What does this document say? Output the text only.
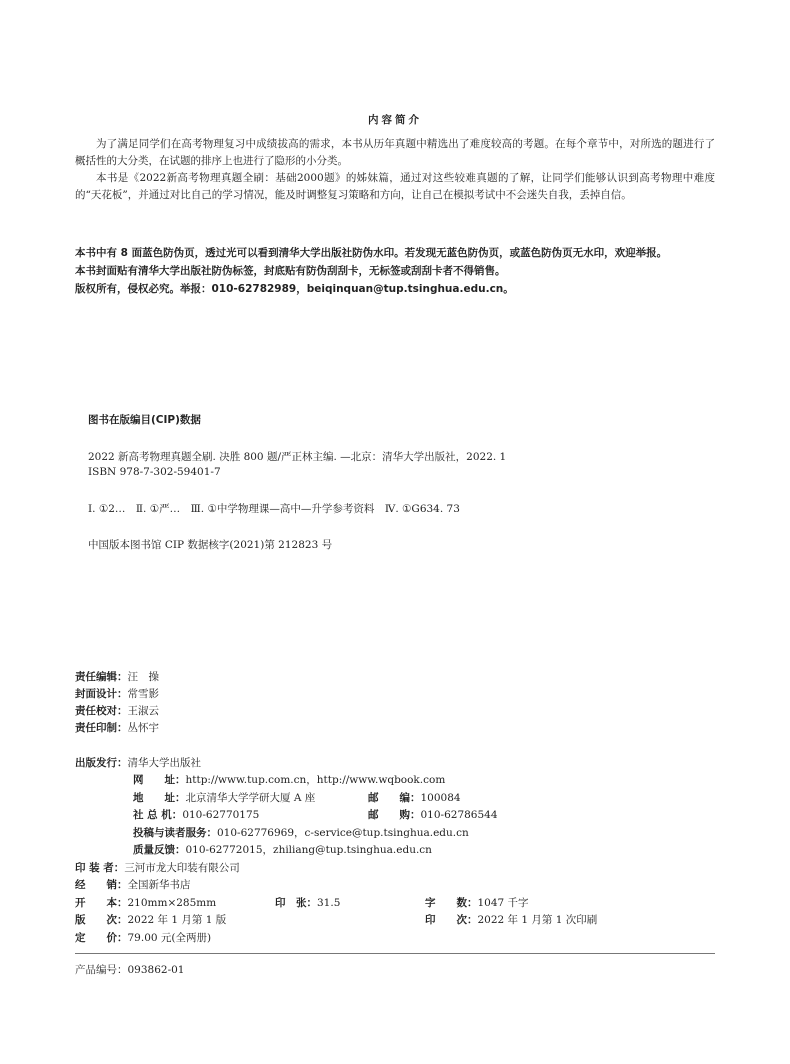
内容简介
为了满足同学们在高考物理复习中成绩拔高的需求，本书从历年真题中精选出了难度较高的考题。在每个章节中，对所选的题进行了概括性的大分类，在试题的排序上也进行了隐形的小分类。
本书是《2022新高考物理真题全刷：基础2000题》的姊妹篇，通过对这些较难真题的了解，让同学们能够认识到高考物理中难度的“天花板”，并通过对比自己的学习情况，能及时调整复习策略和方向，让自己在模拟考试中不会迷失自我，丢掉自信。
本书中有 8 面蓝色防伪页，透过光可以看到清华大学出版社防伪水印。若发现无蓝色防伪页，或蓝色防伪页无水印，欢迎举报。
本书封面贴有清华大学出版社防伪标签，封底贴有防伪刮刮卡，无标签或刮刮卡者不得销售。
版权所有，侵权必究。举报：010-62782989，beiqinquan@tup.tsinghua.edu.cn。
图书在版编目(CIP)数据
2022 新高考物理真题全刷. 决胜 800 题/严正林主编. —北京：清华大学出版社，2022. 1
ISBN 978-7-302-59401-7
Ⅰ. ①2…　Ⅱ. ①严…　Ⅲ. ①中学物理课—高中—升学参考资料　Ⅳ. ①G634. 73
中国版本图书馆 CIP 数据核字(2021)第 212823 号
责任编辑：汪　操
封面设计：常雪影
责任校对：王淑云
责任印制：丛怀宇
出版发行：清华大学出版社
网　　址：http://www.tup.com.cn，http://www.wqbook.com
地　　址：北京清华大学学研大厦 A 座	邮　　编：100084
社 总 机：010-62770175	邮　　购：010-62786544
投稿与读者服务：010-62776969，c-service@tup.tsinghua.edu.cn
质量反馈：010-62772015，zhiliang@tup.tsinghua.edu.cn
印 装 者：三河市龙大印装有限公司
经　　销：全国新华书店
开　　本：210mm×285mm	印　张：31.5	字　　数：1047 千字
版　　次：2022 年 1 月第 1 版	印　　次：2022 年 1 月第 1 次印刷
定　　价：79.00 元(全两册)
产品编号：093862-01
